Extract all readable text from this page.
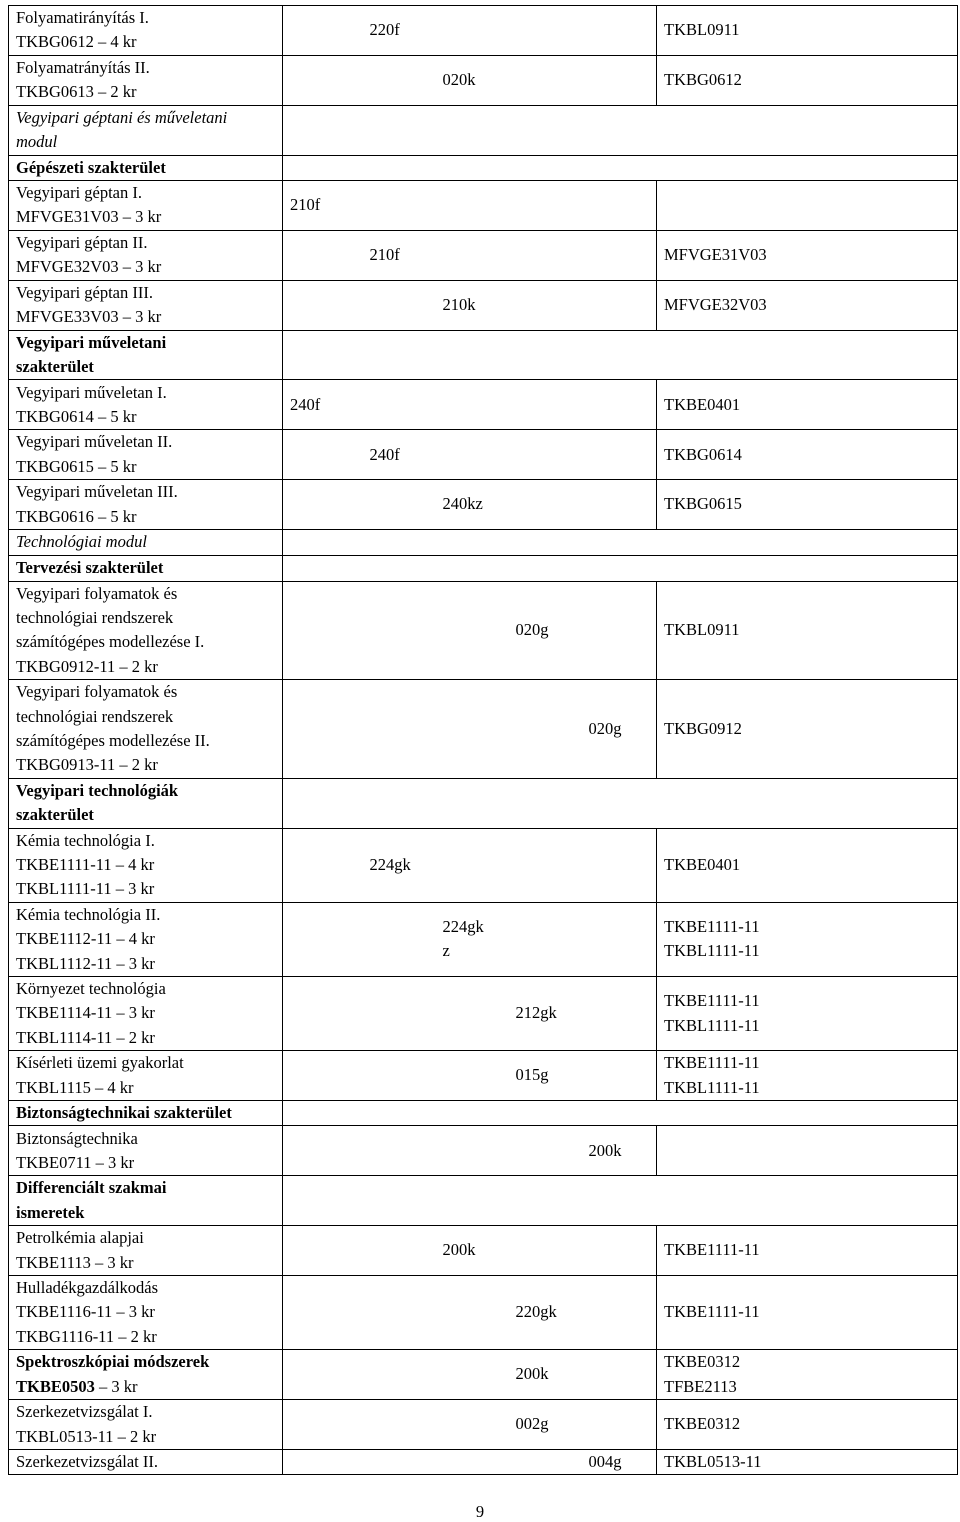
Folyamatirányítás I.
TKBG0612 – 4 kr		220f				TKBL0911

Folyamatrányítás II.
TKBG0613 – 2 kr			020k			TKBG0612

Vegyipari géptani és műveletani
modul						

Gépészeti szakterület						

Vegyipari géptan I.
MFVGE31V03 – 3 kr	210f					

Vegyipari géptan II.
MFVGE32V03 – 3 kr		210f				MFVGE31V03

Vegyipari géptan III.
MFVGE33V03 – 3 kr			210k			MFVGE32V03

Vegyipari műveletani
szakterület						

Vegyipari műveletan I.
TKBG0614 – 5 kr	240f					TKBE0401

Vegyipari műveletan II.
TKBG0615 – 5 kr		240f				TKBG0614

Vegyipari műveletan III.
TKBG0616 – 5 kr			240kz			TKBG0615

Technológiai modul						

Tervezési szakterület						

Vegyipari folyamatok és
technológiai rendszerek
számítógépes modellezése I.
TKBG0912-11 – 2 kr				020g		TKBL0911

Vegyipari folyamatok és
technológiai rendszerek
számítógépes modellezése II.
TKBG0913-11 – 2 kr					020g	TKBG0912

Vegyipari technológiák
szakterület						

Kémia technológia I.
TKBE1111-11 – 4 kr
TKBL1111-11 – 3 kr		224gk				TKBE0401

Kémia technológia II.
TKBE1112-11 – 4 kr
TKBL1112-11 – 3 kr			224gk
z			TKBE1111-11
TKBL1111-11

Környezet technológia
TKBE1114-11 – 3 kr
TKBL1114-11 – 2 kr				212gk		TKBE1111-11
TKBL1111-11

Kísérleti üzemi gyakorlat
TKBL1115 – 4 kr				015g		TKBE1111-11
TKBL1111-11

Biztonságtechnikai szakterület						

Biztonságtechnika
TKBE0711 – 3 kr					200k	

Differenciált szakmai
ismeretek						

Petrolkémia alapjai
TKBE1113 – 3 kr			200k			TKBE1111-11

Hulladékgazdálkodás
TKBE1116-11 – 3 kr
TKBG1116-11 – 2 kr				220gk		TKBE1111-11

Spektroszkópiai módszerek
TKBE0503 – 3 kr				200k		TKBE0312
TFBE2113

Szerkezetvizsgálat I.
TKBL0513-11 – 2 kr				002g		TKBE0312

Szerkezetvizsgálat II.					004g	TKBL0513-11
9
